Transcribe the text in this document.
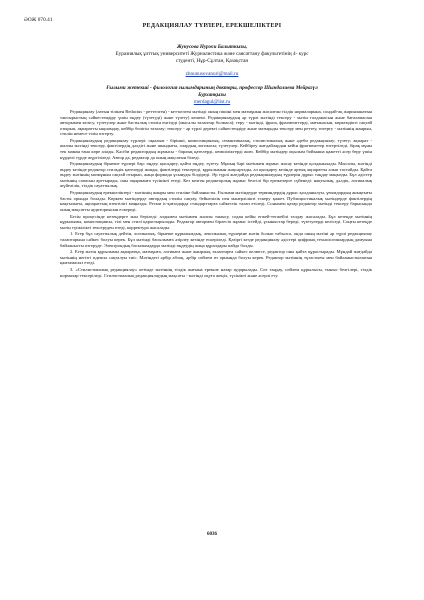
ӘОЖ 070.41
РЕДАКЦИЯЛАУ ТҮРЛЕРІ, ЕРЕКШЕЛІКТЕРІ
Жунусова Нуржи Балыткызы,
Еуразиялық ұлттық университеті Журналистика және саясаттану факультетінің 4- курс
студенті, Нұр-Сұлтан, Қазақстан
zhnunusovanuri@mail.ru
Ғылыми жетекші - филология ғылымдарының докторы, профессор Шындалиева Мейрагүл
Бурханқызы
merdagul@list.ru

Редакциялау (латын тілінен Redactus - реттелген) - кез-келген мәтінді оның пішіні мен мазмұнын жасалған тілдік нормаларына, сондай-ақ жарияланатын тапсырыстың сәйкестендіру үшін өңдеу (түзетуді) және түзету) кешені. Редакциялаудың әр түрлі мәтінді тексеру - мәтін талдамасын және бағаламасын авторымен келісу, түзетулер және бастылық стилін енгізуді (мысалы талаптар болмаса); теру - мәтінді, фраза, фрагменттерді, мағынасын, көркемдікті сақтай отырып, ақпаратты ықшамдау, кейбір бөлігін тазалау; тексеру - әр түрлі деректі сәйкестендіру және мазмұнды тексеру мен реттеу, өзгерту - мәтіннің жанрын, стилін немесе тілін өзгерту.

Редакциялаудың редакциялау түрлері: оқылым - бірінші, композициялық, семантикалық, стилистикалық және әдеби редакциялау; түзету; ақпарат - жалпы мәтінді тексеру, фактілердің дәлдігі және шындығы, олардың логикасы; түзетулер. Кейбіреу жағдайлардан кейін фрагменттер өзгертіледі, бірақ мұны тек маман ғана көре алады. Кәсіби редактордың жұмысы - барлық қателерді, кемшіліктерді жою. Кейбір мәтіндер оқылым бойынша қажетті әсер беру үшін күрделі түрде жүргізіледі. Автор да, редактор да оның мақсатын біледі.

Редакциялаудың бірнеше түрлері бар: өңдеу, қысқарту, қайта өңдеу, түзету. Мұның бәрі мәтінмен жұмыс жасау кезінде қолданылады. Мысалы, мәтінді өңдеу кезінде редактор стильдік қателерді жояды, фактілерді тексереді, құрылымын жақсартады, ал қысқарту кезінде артық ақпаратты алып тастайды. Қайта өңдеу мәтіннің мазмұнын сақтай отырып, жаңа формада ұсынуды білдіреді. Әр түрлі жағдайда редакциялаудың түрлерін дұрыс таңдау маңызды. Бұл әдістер мәтіннің сапасын арттырады, оны оқырманға түсінікті етеді. Кез келген редакторлық жұмыс белгілі бір ережелерге сүйенеді: нақтылық, дәлдік, логикалық жүйелілік, тілдік сауаттылық.

Редакциялаудың ерекшеліктері - мәтіннің жанры мен стиліне байланысты. Ғылыми мәтіндерде терминдердің дұрыс қолданылуы, ұғымдардың анықтығы басты орында болады. Көркем мәтіндерде автордың стилін сақтау, бейнелілік пен мәнерлілікті ескеру қажет. Публицистикалық мәтіндерде фактілердің нақтылығы, ақпараттың өзектілігі маңызды. Ресми іс-қағаздарда стандарттарға сәйкестік талап етіледі. Сонымен қатар редактор мәтінді тексеру барысында оның мақсатты аудиториясын ескереді.

Бесін процесінде кезеңдерге мән беріледі: алдымен мәтінмен жалпы танысу, содан кейін егжей-тегжейлі талдау жасалады. Бұл кезеңде мәтіннің құрылымы, композициясы, тілі мен стилі қарастырылады. Редактор автормен бірлесіп жұмыс істейді, ұсыныстар береді, түзетулерді келіседі. Соңғы кезеңде мәтін түпкілікті тексеруден өтеді, корректура жасалады.

1. Егер бұл сауаттылық дейтін, логикалық, бірнеше құрылымдық, лексикалық түрлеріне мәтін болып табылса, онда оның мәтіні әр түрлі редакциялау талаптарына сәйкес болуы керек. Бұл мәтінді басылымға әзірлеу кезінде ескеріледі. Қазіргі кезде редакциялау әдістері цифрлық технологиялардың дамуына байланысты өзгеруде. Электрондық басылымдарда мәтінді өңдеудің жаңа құралдары пайда болды.

2. Егер мәтін құрылымы ақпаратқа, мазмұнға, логикаға және жанрлық талаптарға сәйкес келмесе, редактор оны қайта құрастырады. Мұндай жағдайда мәтіннің негізгі идеясы сақталуы тиіс. Мәтіндегі әрбір абзац, әрбір сөйлем өз орнында болуы керек. Редактор мәтіннің тұтастығы мен байланыстылығын қамтамасыз етеді.

3. «Стилистикалық редакциялау» кезінде мәтіннің тілдік жағына ерекше назар аударылады. Сөз таңдау, сөйлем құрылысы, тыныс белгілері, тілдік нормалар тексеріледі. Стилистикалық редакциялаудың мақсаты - мәтінді оқуға жеңіл, түсінікті және әсерлі ету.

6036
